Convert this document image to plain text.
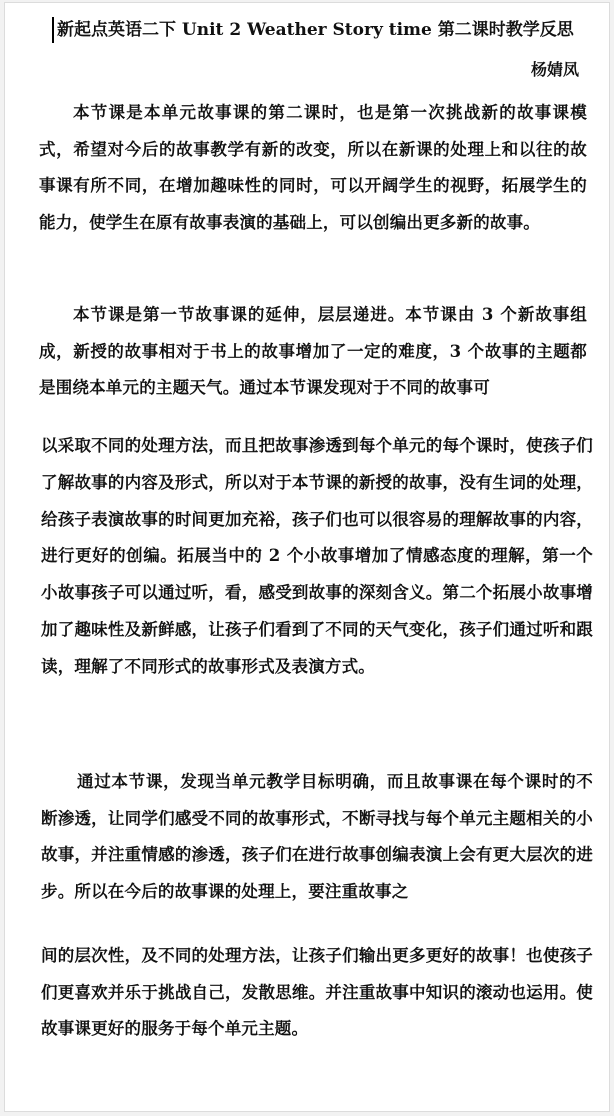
新起点英语二下 Unit 2 Weather Story time 第二课时教学反思
杨婧凤

本节课是本单元故事课的第二课时，也是第一次挑战新的故事课模式，希望对今后的故事教学有新的改变，所以在新课的处理上和以往的故事课有所不同，在增加趣味性的同时，可以开阔学生的视野，拓展学生的能力，使学生在原有故事表演的基础上，可以创编出更多新的故事。

本节课是第一节故事课的延伸，层层递进。本节课由 3 个新故事组成，新授的故事相对于书上的故事增加了一定的难度，3 个故事的主题都是围绕本单元的主题天气。通过本节课发现对于不同的故事可

以采取不同的处理方法，而且把故事渗透到每个单元的每个课时，使孩子们了解故事的内容及形式，所以对于本节课的新授的故事，没有生词的处理，给孩子表演故事的时间更加充裕，孩子们也可以很容易的理解故事的内容，进行更好的创编。拓展当中的 2 个小故事增加了情感态度的理解，第一个小故事孩子可以通过听，看，感受到故事的深刻含义。第二个拓展小故事增加了趣味性及新鲜感，让孩子们看到了不同的天气变化，孩子们通过听和跟读，理解了不同形式的故事形式及表演方式。

通过本节课，发现当单元教学目标明确，而且故事课在每个课时的不断渗透，让同学们感受不同的故事形式，不断寻找与每个单元主题相关的小故事，并注重情感的渗透，孩子们在进行故事创编表演上会有更大层次的进步。所以在今后的故事课的处理上，要注重故事之

间的层次性，及不同的处理方法，让孩子们输出更多更好的故事！也使孩子们更喜欢并乐于挑战自己，发散思维。并注重故事中知识的滚动也运用。使故事课更好的服务于每个单元主题。
